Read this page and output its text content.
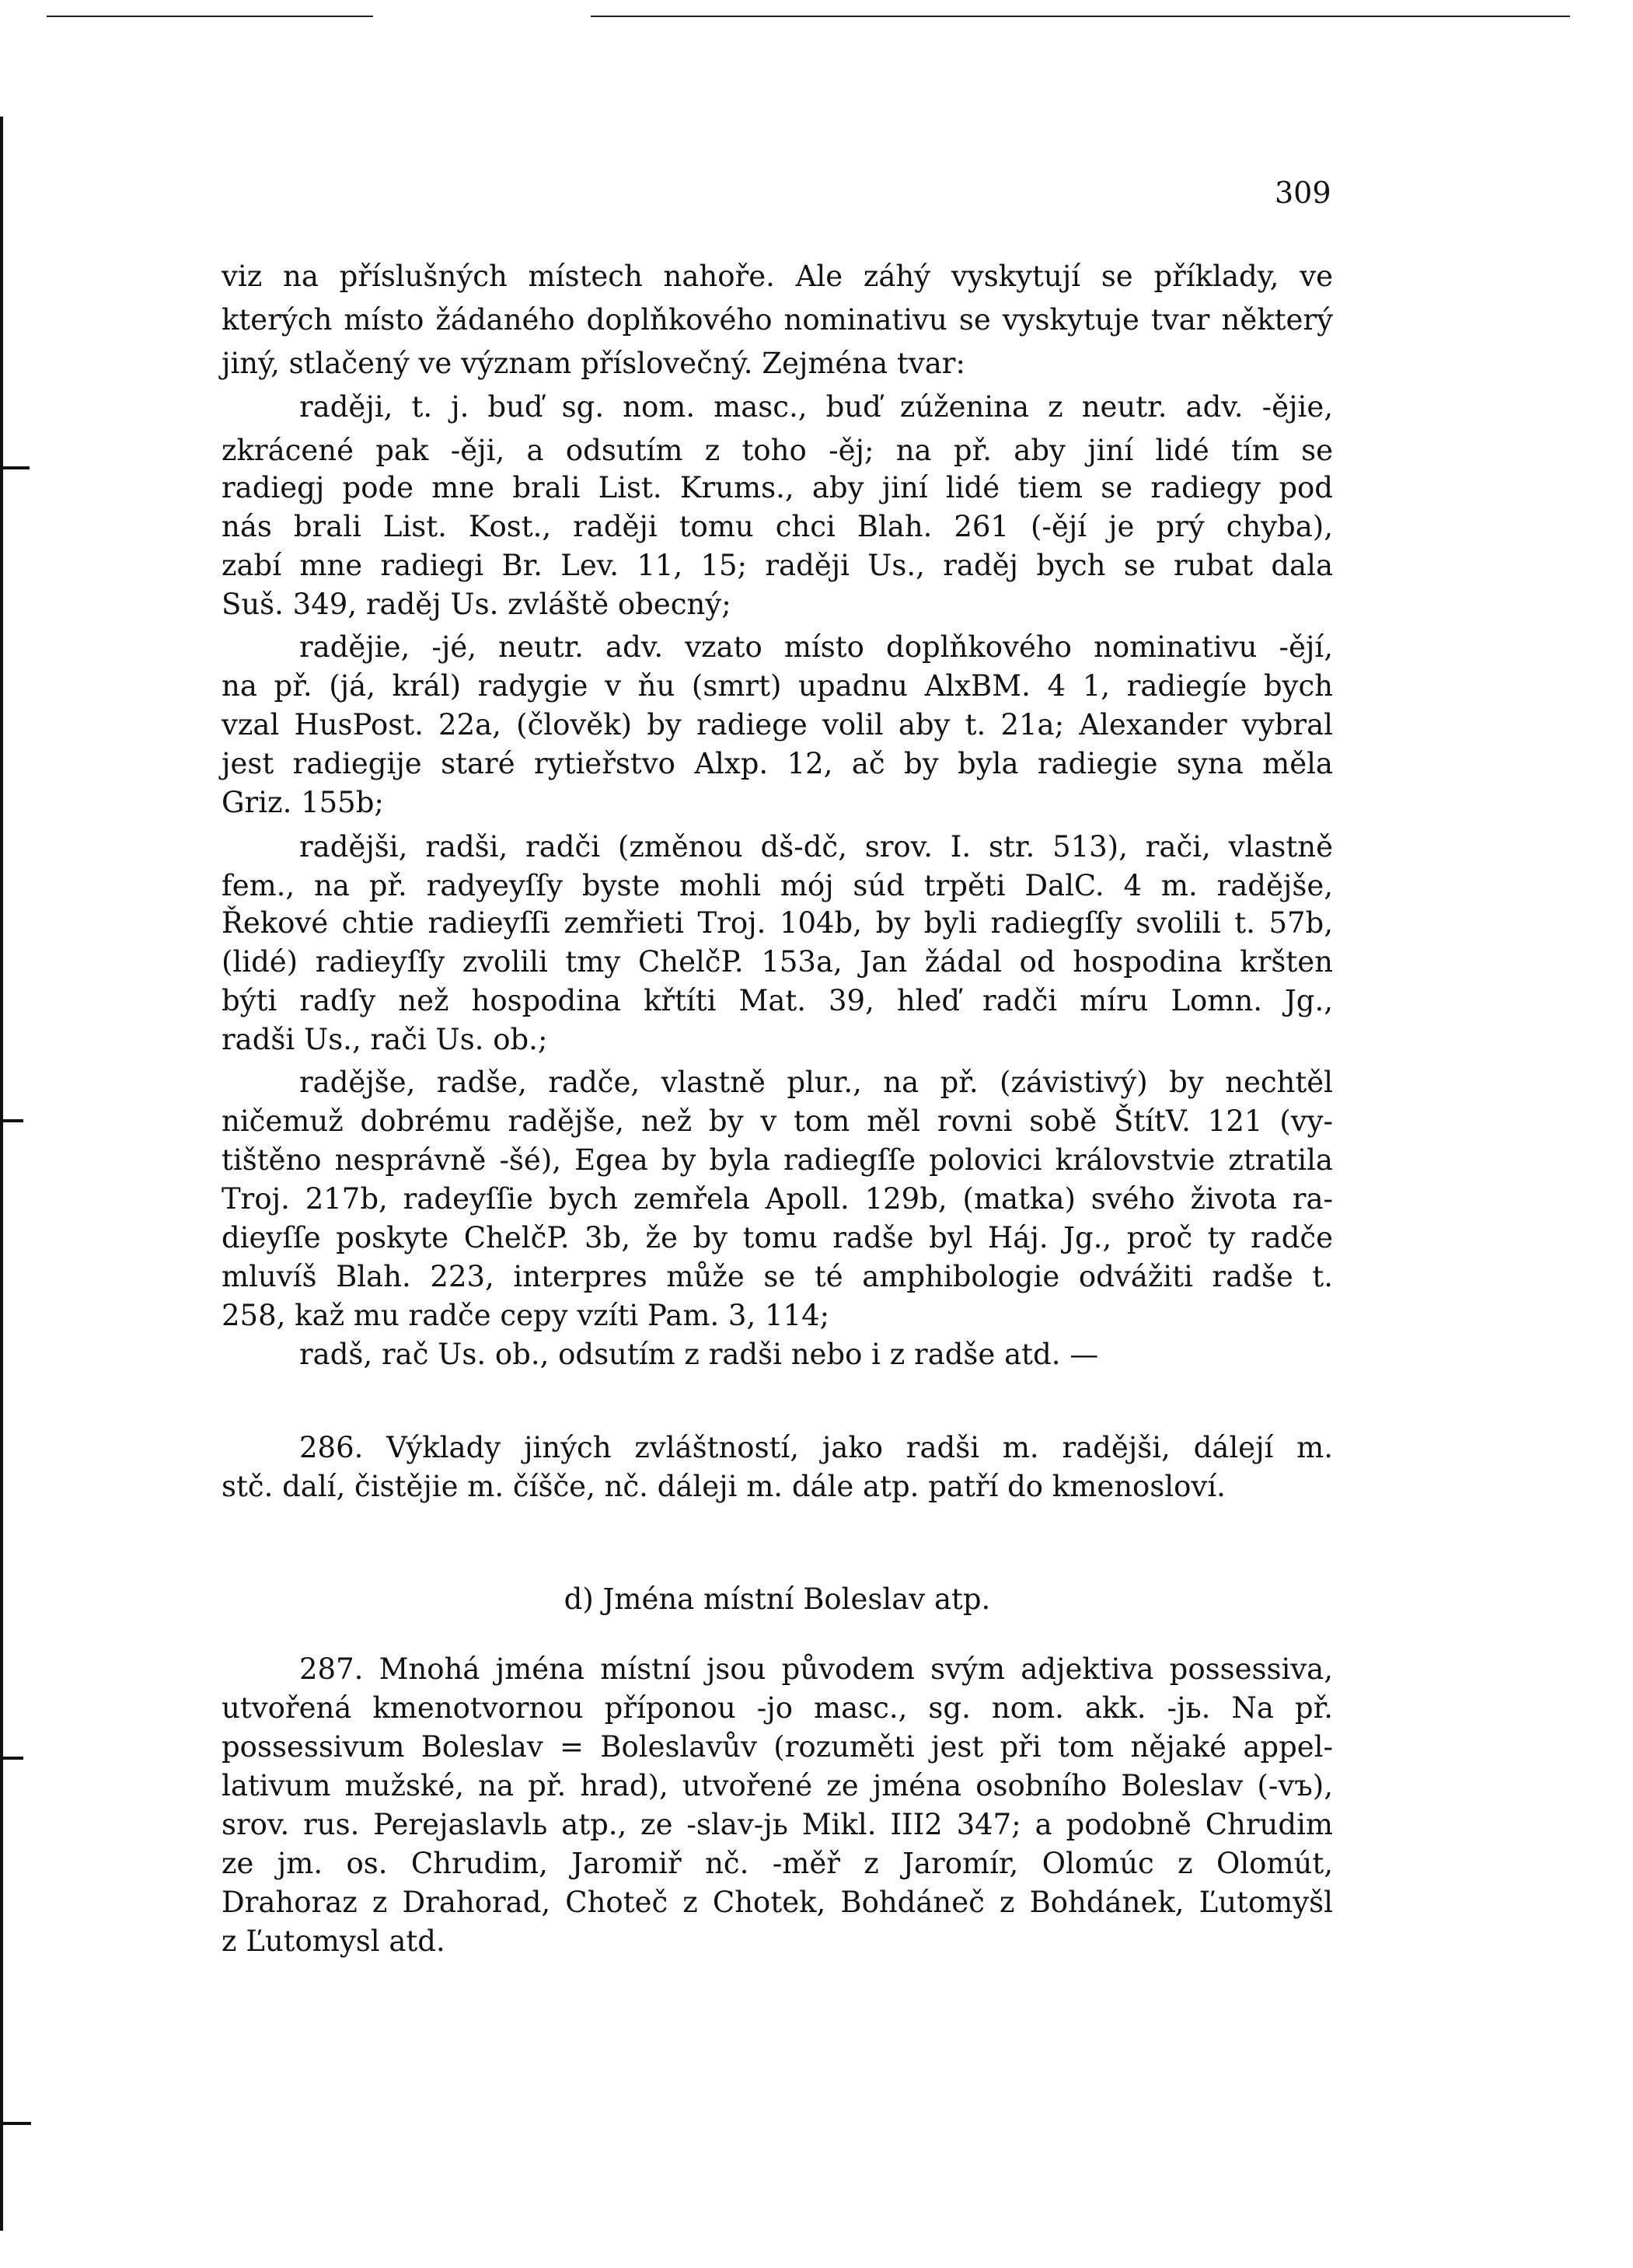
309
viz na příslušných místech nahoře. Ale záhý vyskytují se příklady, ve
kterých místo žádaného doplňkového nominativu se vyskytuje tvar některý
jiný, stlačený ve význam příslovečný. Zejména tvar:
raději, t. j. buď sg. nom. masc., buď zúženina z neutr. adv. -ějie,
zkrácené pak -ěji, a odsutím z toho -ěj; na př. aby jiní lidé tím se
radiegj pode mne brali List. Krums., aby jiní lidé tiem se radiegy pod
nás brali List. Kost., raději tomu chci Blah. 261 (-ějí je prý chyba),
zabí mne radiegi Br. Lev. 11, 15; raději Us., raděj bych se rubat dala
Suš. 349, raděj Us. zvláště obecný;
radějie, -jé, neutr. adv. vzato místo doplňkového nominativu -ějí,
na př. (já, král) radygie v ňu (smrt) upadnu AlxBM. 4 1, radiegíe bych
vzal HusPost. 22a, (člověk) by radiege volil aby t. 21a; Alexander vybral
jest radiegije staré rytieřstvo Alxp. 12, ač by byla radiegie syna měla
Griz. 155b;
radějši, radši, radči (změnou dš-dč, srov. I. str. 513), rači, vlastně
fem., na př. radyeyſſy byste mohli mój súd trpěti DalC. 4 m. radějše,
Řekové chtie radieyſſi zemřieti Troj. 104b, by byli radiegſſy svolili t. 57b,
(lidé) radieyſſy zvolili tmy ChelčP. 153a, Jan žádal od hospodina kršten
býti radſy než hospodina křtíti Mat. 39, hleď radči míru Lomn. Jg.,
radši Us., rači Us. ob.;
radějše, radše, radče, vlastně plur., na př. (závistivý) by nechtěl
ničemuž dobrému radějše, než by v tom měl rovni sobě ŠtítV. 121 (vy-
tištěno nesprávně -šé), Egea by byla radiegſſe polovici královstvie ztratila
Troj. 217b, radeyſſie bych zemřela Apoll. 129b, (matka) svého života ra-
dieyſſe poskyte ChelčP. 3b, že by tomu radše byl Háj. Jg., proč ty radče
mluvíš Blah. 223, interpres může se té amphibologie odvážiti radše t.
258, kaž mu radče cepy vzíti Pam. 3, 114;
radš, rač Us. ob., odsutím z radši nebo i z radše atd. —
286. Výklady jiných zvláštností, jako radši m. radějši, dálejí m.
stč. dalí, čistějie m. číšče, nč. dáleji m. dále atp. patří do kmenosloví.
d) Jména místní Boleslav atp.
287. Mnohá jména místní jsou původem svým adjektiva possessiva,
utvořená kmenotvornou příponou -jo masc., sg. nom. akk. -jь. Na př.
possessivum Boleslav = Boleslavův (rozuměti jest při tom nějaké appel-
lativum mužské, na př. hrad), utvořené ze jména osobního Boleslav (-vъ),
srov. rus. Perejaslavlь atp., ze -slav-jь Mikl. III2 347; a podobně Chrudim
ze jm. os. Chrudim, Jaromiř nč. -měř z Jaromír, Olomúc z Olomút,
Drahoraz z Drahorad, Choteč z Chotek, Bohdáneč z Bohdánek, Ľutomyšl
z Ľutomysl atd.
